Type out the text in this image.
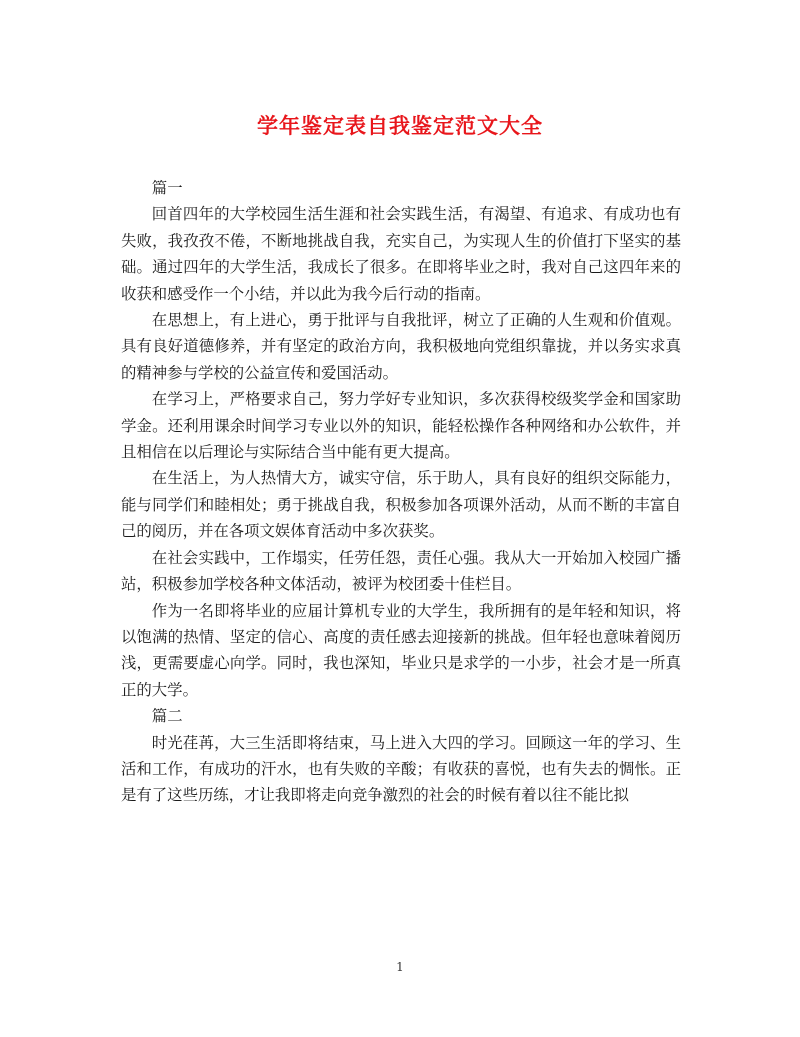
学年鉴定表自我鉴定范文大全

篇一

回首四年的大学校园生活生涯和社会实践生活，有渴望、有追求、有成功也有失败，我孜孜不倦，不断地挑战自我，充实自己，为实现人生的价值打下坚实的基础。通过四年的大学生活，我成长了很多。在即将毕业之时，我对自己这四年来的收获和感受作一个小结，并以此为我今后行动的指南。

在思想上，有上进心，勇于批评与自我批评，树立了正确的人生观和价值观。具有良好道德修养，并有坚定的政治方向，我积极地向党组织靠拢，并以务实求真的精神参与学校的公益宣传和爱国活动。

在学习上，严格要求自己，努力学好专业知识，多次获得校级奖学金和国家助学金。还利用课余时间学习专业以外的知识，能轻松操作各种网络和办公软件，并且相信在以后理论与实际结合当中能有更大提高。

在生活上，为人热情大方，诚实守信，乐于助人，具有良好的组织交际能力，能与同学们和睦相处；勇于挑战自我，积极参加各项课外活动，从而不断的丰富自己的阅历，并在各项文娱体育活动中多次获奖。

在社会实践中，工作塌实，任劳任怨，责任心强。我从大一开始加入校园广播站，积极参加学校各种文体活动，被评为校团委十佳栏目。

作为一名即将毕业的应届计算机专业的大学生，我所拥有的是年轻和知识，将以饱满的热情、坚定的信心、高度的责任感去迎接新的挑战。但年轻也意味着阅历浅，更需要虚心向学。同时，我也深知，毕业只是求学的一小步，社会才是一所真正的大学。

篇二

时光荏苒，大三生活即将结束，马上进入大四的学习。回顾这一年的学习、生活和工作，有成功的汗水，也有失败的辛酸；有收获的喜悦，也有失去的惆怅。正是有了这些历练，才让我即将走向竞争激烈的社会的时候有着以往不能比拟

1
